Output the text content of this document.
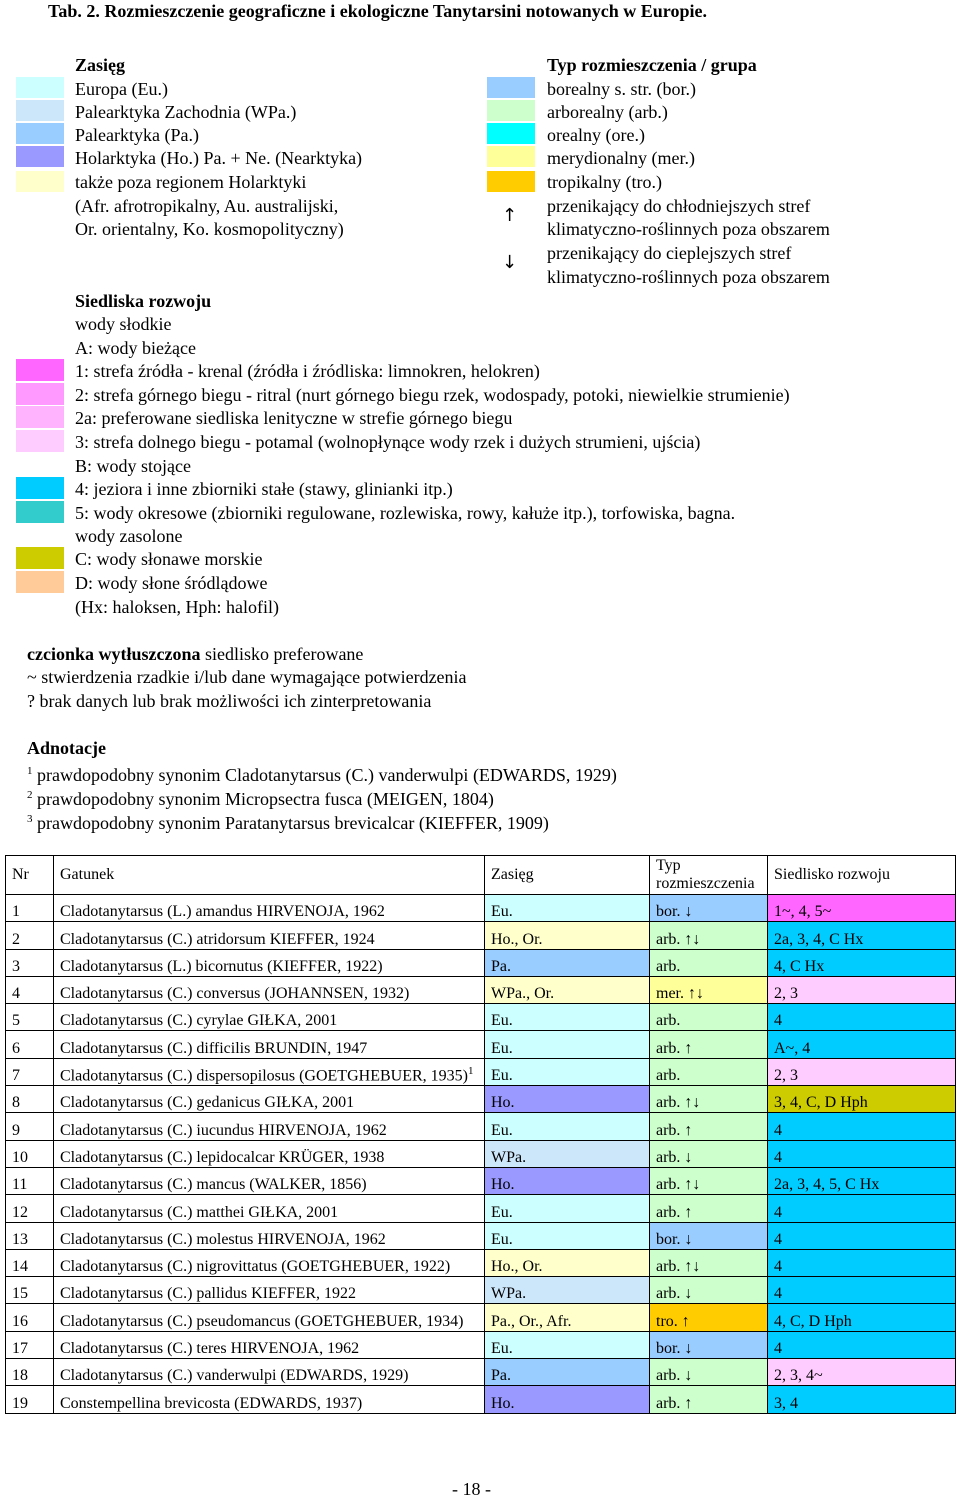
Tab. 2. Rozmieszczenie geograficzne i ekologiczne Tanytarsini notowanych w Europie.
Zasięg
Europa (Eu.)
Palearktyka Zachodnia (WPa.)
Palearktyka (Pa.)
Holarktyka (Ho.) Pa. + Ne. (Nearktyka)
także poza regionem Holarktyki
(Afr. afrotropikalny, Au. australijski,
Or. orientalny, Ko. kosmopolityczny)
Typ rozmieszczenia / grupa
borealny s. str. (bor.)
arborealny (arb.)
orealny (ore.)
merydionalny (mer.)
tropikalny (tro.)
przenikający do chłodniejszych stref
klimatyczno-roślinnych poza obszarem
przenikający do cieplejszych stref
klimatyczno-roślinnych poza obszarem
↑
↓
Siedliska rozwoju
wody słodkie
A: wody bieżące
1: strefa źródła - krenal (źródła i źródliska: limnokren, helokren)
2: strefa górnego biegu - ritral (nurt górnego biegu rzek, wodospady, potoki, niewielkie strumienie)
2a: preferowane siedliska lenityczne w strefie górnego biegu
3: strefa dolnego biegu - potamal (wolnopłynące wody rzek i dużych strumieni, ujścia)
B: wody stojące
4: jeziora i inne zbiorniki stałe (stawy, glinianki itp.)
5: wody okresowe (zbiorniki regulowane, rozlewiska, rowy, kałuże itp.), torfowiska, bagna.
wody zasolone
C: wody słonawe morskie
D: wody słone śródlądowe
(Hx: haloksen, Hph: halofil)
czcionka wytłuszczona siedlisko preferowane
~ stwierdzenia rzadkie i/lub dane wymagające potwierdzenia
? brak danych lub brak możliwości ich zinterpretowania
Adnotacje
$^1$ prawdopodobny synonim Cladotanytarsus (C.) vanderwulpi (EDWARDS, 1929)
$^2$ prawdopodobny synonim Micropsectra fusca (MEIGEN, 1804)
$^3$ prawdopodobny synonim Paratanytarsus brevicalcar (KIEFFER, 1909)
Nr	Gatunek	Zasięg	Typ rozmieszczenia	Siedlisko rozwoju
1	Cladotanytarsus (L.) amandus HIRVENOJA, 1962	Eu.	bor. ↓	1~, 4, 5~
2	Cladotanytarsus (C.) atridorsum KIEFFER, 1924	Ho., Or.	arb. ↑↓	2a, 3, 4, C Hx
3	Cladotanytarsus (L.) bicornutus (KIEFFER, 1922)	Pa.	arb.	4, C Hx
4	Cladotanytarsus (C.) conversus (JOHANNSEN, 1932)	WPa., Or.	mer. ↑↓	2, 3
5	Cladotanytarsus (C.) cyrylae GIŁKA, 2001	Eu.	arb.	4
6	Cladotanytarsus (C.) difficilis BRUNDIN, 1947	Eu.	arb. ↑	A~, 4
7	Cladotanytarsus (C.) dispersopilosus (GOETGHEBUER, 1935)$^1$	Eu.	arb.	2, 3
8	Cladotanytarsus (C.) gedanicus GIŁKA, 2001	Ho.	arb. ↑↓	3, 4, C, D Hph
9	Cladotanytarsus (C.) iucundus HIRVENOJA, 1962	Eu.	arb. ↑	4
10	Cladotanytarsus (C.) lepidocalcar KRÜGER, 1938	WPa.	arb. ↓	4
11	Cladotanytarsus (C.) mancus (WALKER, 1856)	Ho.	arb. ↑↓	2a, 3, 4, 5, C Hx
12	Cladotanytarsus (C.) matthei GIŁKA, 2001	Eu.	arb. ↑	4
13	Cladotanytarsus (C.) molestus HIRVENOJA, 1962	Eu.	bor. ↓	4
14	Cladotanytarsus (C.) nigrovittatus (GOETGHEBUER, 1922)	Ho., Or.	arb. ↑↓	4
15	Cladotanytarsus (C.) pallidus KIEFFER, 1922	WPa.	arb. ↓	4
16	Cladotanytarsus (C.) pseudomancus (GOETGHEBUER, 1934)	Pa., Or., Afr.	tro. ↑	4, C, D Hph
17	Cladotanytarsus (C.) teres HIRVENOJA, 1962	Eu.	bor. ↓	4
18	Cladotanytarsus (C.) vanderwulpi (EDWARDS, 1929)	Pa.	arb. ↓	2, 3, 4~
19	Constempellina brevicosta (EDWARDS, 1937)	Ho.	arb. ↑	3, 4
- 18 -
